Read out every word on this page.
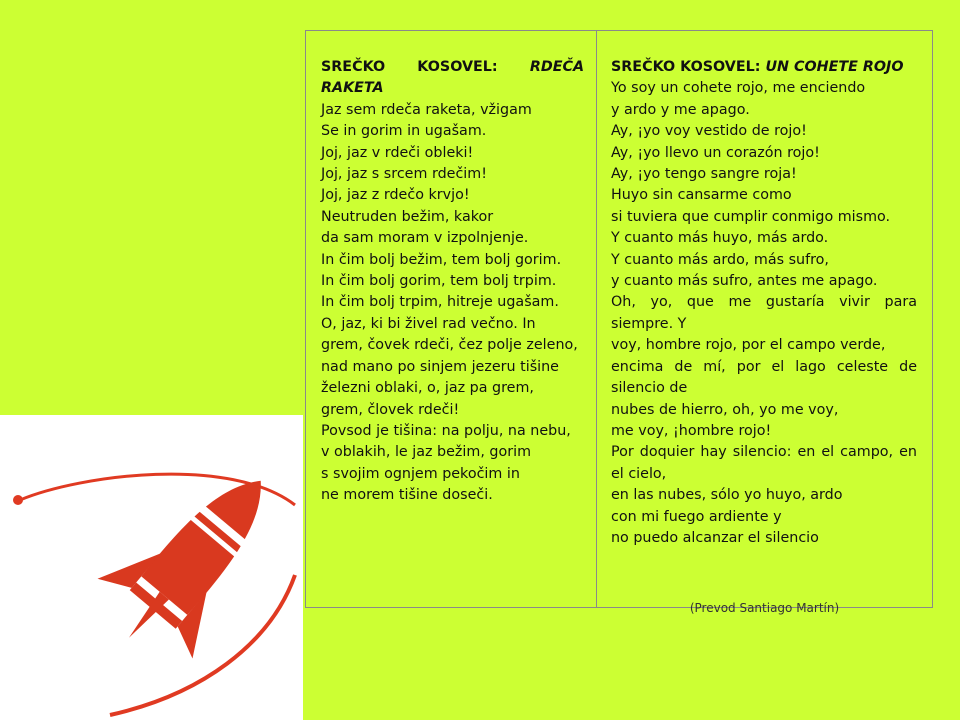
SREČKO KOSOVEL: RDEČA RAKETA
Jaz sem rdeča raketa, vžigam
Se in gorim in ugašam.
Joj, jaz v rdeči obleki!
Joj, jaz s srcem rdečim!
Joj, jaz z rdečo krvjo!
Neutruden bežim, kakor
da sam moram v izpolnjenje.
In čim bolj bežim, tem bolj gorim.
In čim bolj gorim, tem bolj trpim.
In čim bolj trpim, hitreje ugašam.
O, jaz, ki bi živel rad večno. In
grem, čovek rdeči, čez polje zeleno,
nad mano po sinjem jezeru tišine
železni oblaki, o, jaz pa grem,
grem, človek rdeči!
Povsod je tišina: na polju, na nebu,
v oblakih, le jaz bežim, gorim
s svojim ognjem pekočim in
ne morem tišine doseči.
SREČKO KOSOVEL: UN COHETE ROJO
Yo soy un cohete rojo, me enciendo
y ardo y me apago.
Ay, ¡yo voy vestido de rojo!
Ay, ¡yo llevo un corazón rojo!
Ay, ¡yo tengo sangre roja!
Huyo sin cansarme como
si tuviera que cumplir conmigo mismo.
Y cuanto más huyo, más ardo.
Y cuanto más ardo, más sufro,
y cuanto más sufro, antes me apago.
Oh, yo, que me gustaría vivir para siempre. Y
voy, hombre rojo, por el campo verde,
encima de mí, por el lago celeste de silencio de
nubes de hierro, oh, yo me voy,
me voy, ¡hombre rojo!
Por doquier hay silencio: en el campo, en el cielo,
en las nubes, sólo yo huyo, ardo
con mi fuego ardiente y
no puedo alcanzar el silencio
(Prevod Santiago Martín)
